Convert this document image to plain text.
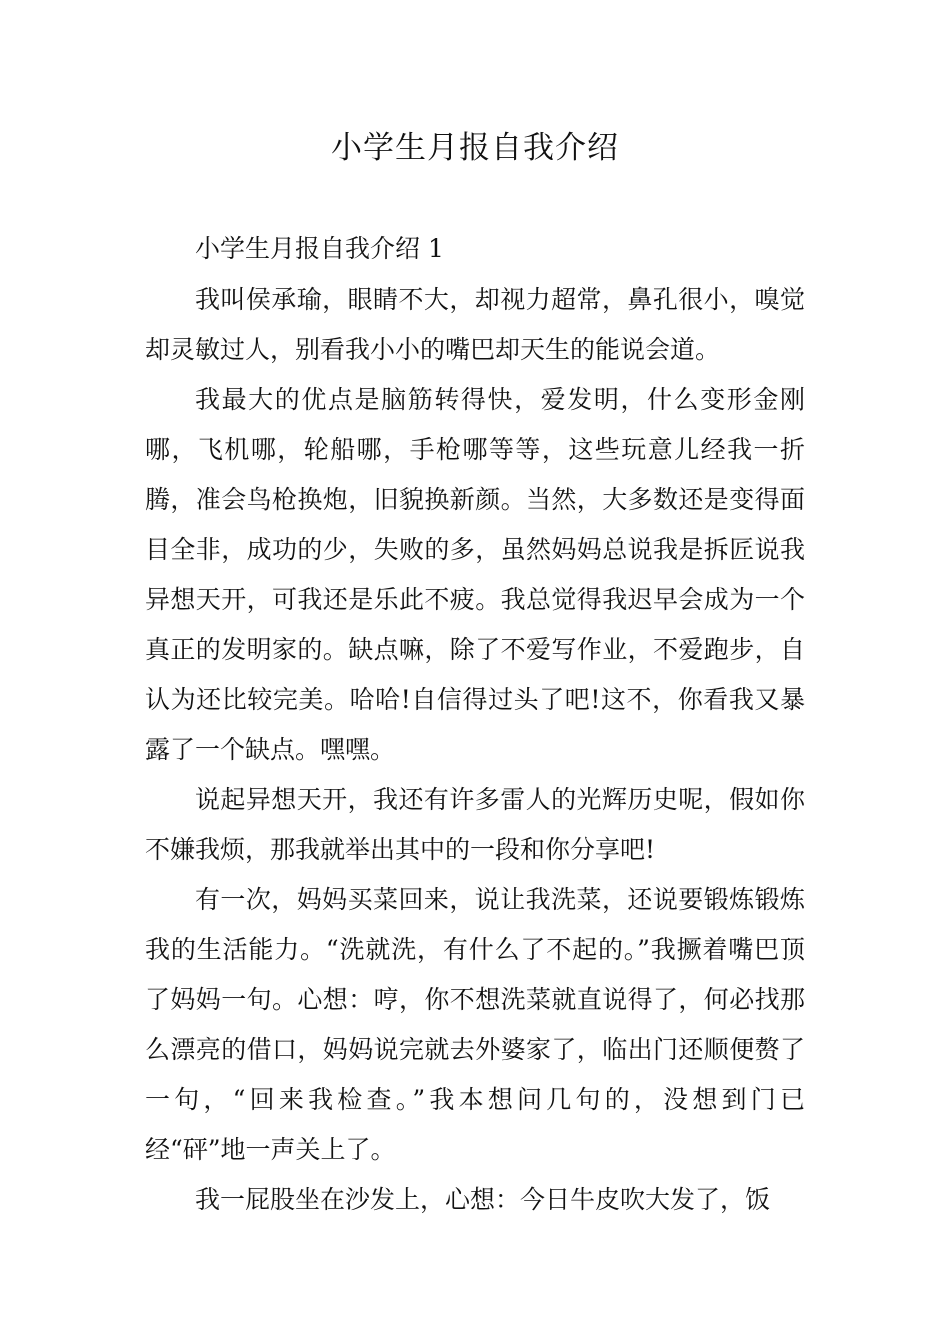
小学生月报自我介绍

小学生月报自我介绍 1

我叫侯承瑜，眼睛不大，却视力超常，鼻孔很小，嗅觉却灵敏过人，别看我小小的嘴巴却天生的能说会道。

我最大的优点是脑筋转得快，爱发明，什么变形金刚哪，飞机哪，轮船哪，手枪哪等等，这些玩意儿经我一折腾，准会鸟枪换炮，旧貌换新颜。当然，大多数还是变得面目全非，成功的少，失败的多，虽然妈妈总说我是拆匠说我异想天开，可我还是乐此不疲。我总觉得我迟早会成为一个真正的发明家的。缺点嘛，除了不爱写作业，不爱跑步，自认为还比较完美。哈哈!自信得过头了吧!这不，你看我又暴露了一个缺点。嘿嘿。

说起异想天开，我还有许多雷人的光辉历史呢，假如你不嫌我烦，那我就举出其中的一段和你分享吧!

有一次，妈妈买菜回来，说让我洗菜，还说要锻炼锻炼我的生活能力。“洗就洗，有什么了不起的。”我撅着嘴巴顶了妈妈一句。心想：哼，你不想洗菜就直说得了，何必找那么漂亮的借口，妈妈说完就去外婆家了，临出门还顺便赘了一句，“回来我检查。”我本想问几句的，没想到门已经“砰”地一声关上了。

我一屁股坐在沙发上，心想：今日牛皮吹大发了，饭
